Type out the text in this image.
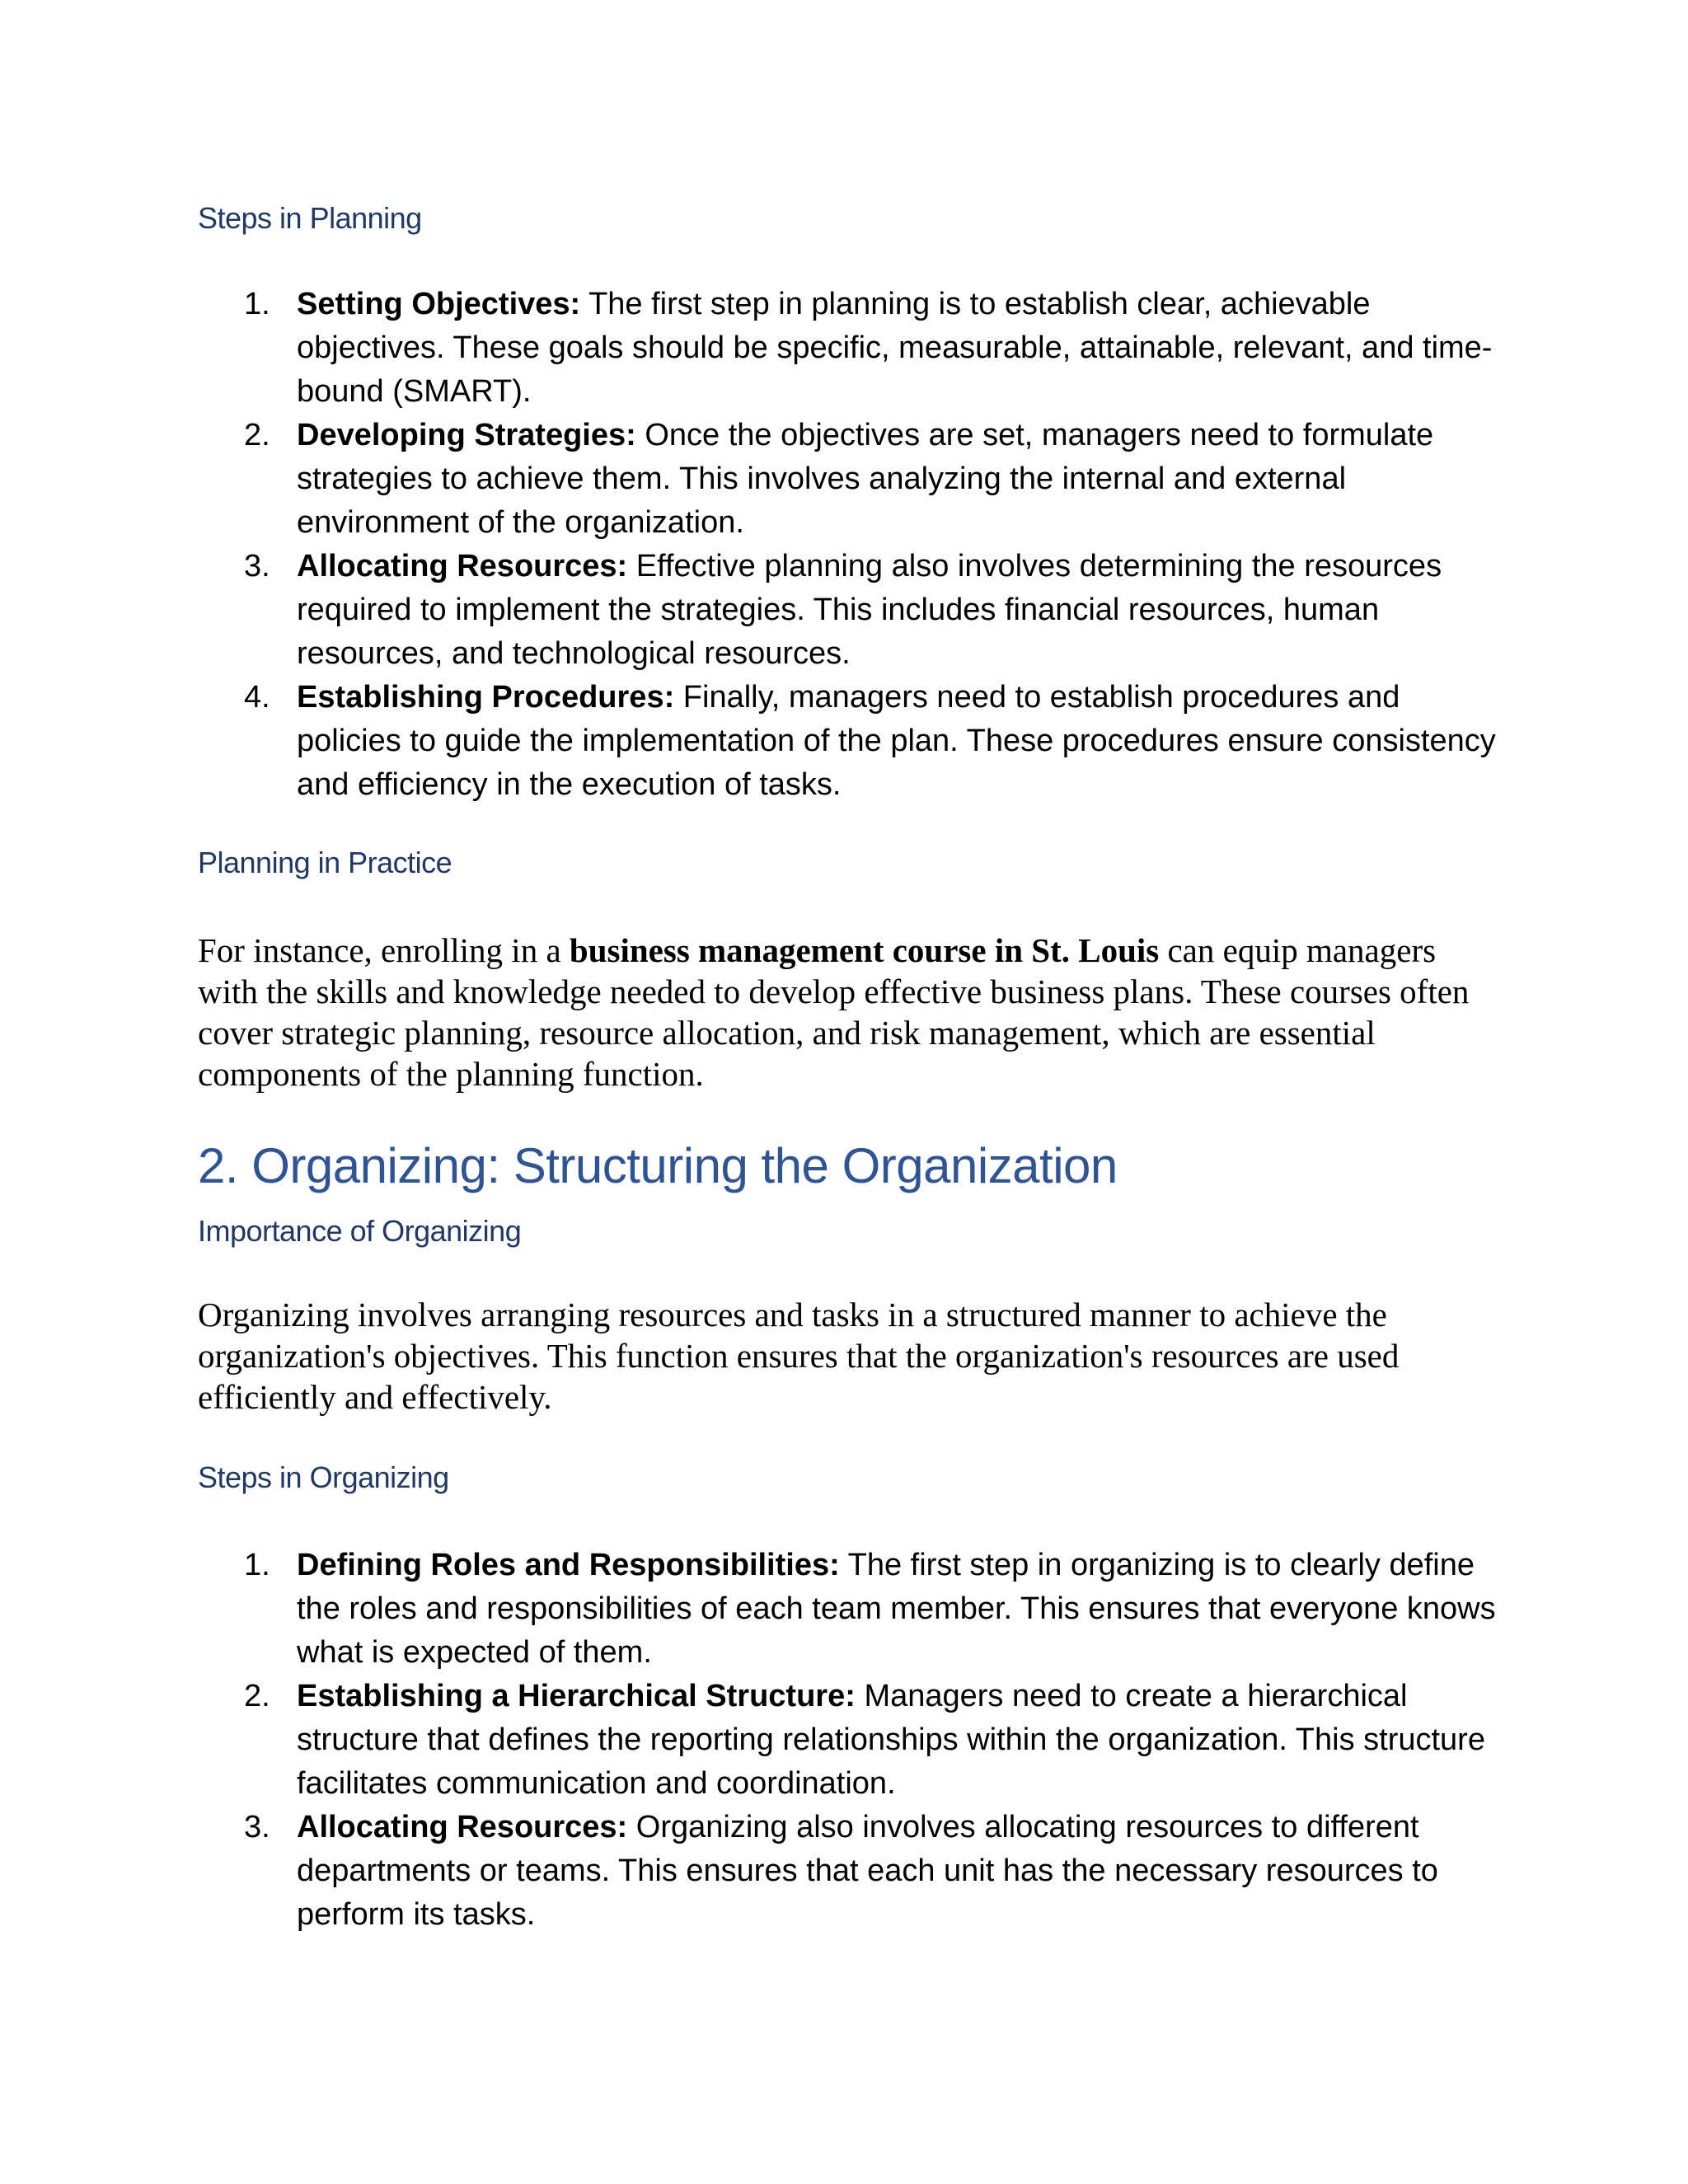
Steps in Planning
1. Setting Objectives: The first step in planning is to establish clear, achievable objectives. These goals should be specific, measurable, attainable, relevant, and time-bound (SMART).
2. Developing Strategies: Once the objectives are set, managers need to formulate strategies to achieve them. This involves analyzing the internal and external environment of the organization.
3. Allocating Resources: Effective planning also involves determining the resources required to implement the strategies. This includes financial resources, human resources, and technological resources.
4. Establishing Procedures: Finally, managers need to establish procedures and policies to guide the implementation of the plan. These procedures ensure consistency and efficiency in the execution of tasks.
Planning in Practice

For instance, enrolling in a business management course in St. Louis can equip managers with the skills and knowledge needed to develop effective business plans. These courses often cover strategic planning, resource allocation, and risk management, which are essential components of the planning function.

2. Organizing: Structuring the Organization
Importance of Organizing

Organizing involves arranging resources and tasks in a structured manner to achieve the organization's objectives. This function ensures that the organization's resources are used efficiently and effectively.

Steps in Organizing
1. Defining Roles and Responsibilities: The first step in organizing is to clearly define the roles and responsibilities of each team member. This ensures that everyone knows what is expected of them.
2. Establishing a Hierarchical Structure: Managers need to create a hierarchical structure that defines the reporting relationships within the organization. This structure facilitates communication and coordination.
3. Allocating Resources: Organizing also involves allocating resources to different departments or teams. This ensures that each unit has the necessary resources to perform its tasks.
